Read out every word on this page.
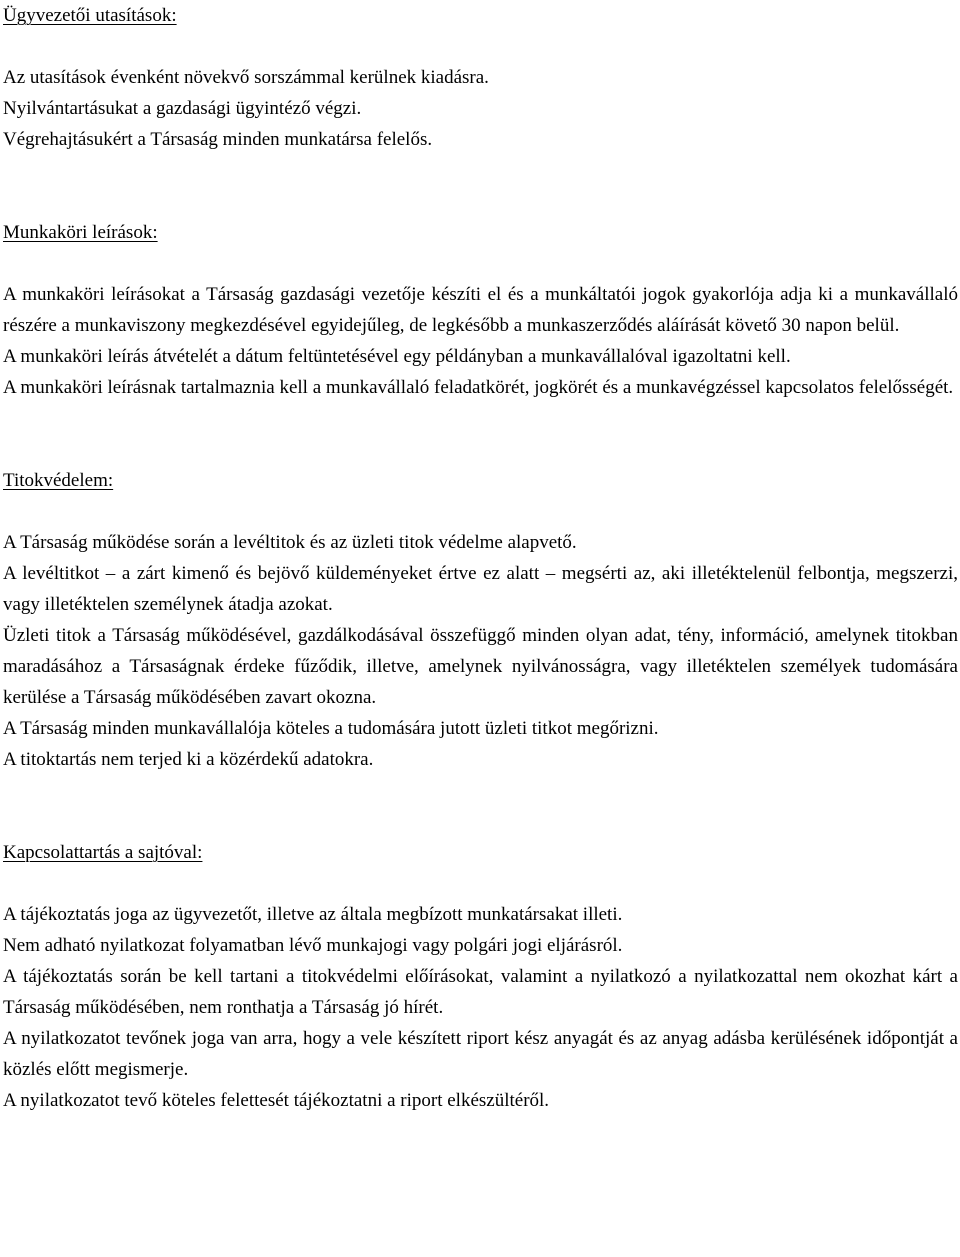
Ügyvezetői utasítások:

Az utasítások évenként növekvő sorszámmal kerülnek kiadásra.

Nyilvántartásukat a gazdasági ügyintéző végzi.

Végrehajtásukért a Társaság minden munkatársa felelős.

Munkaköri leírások:

A munkaköri leírásokat a Társaság gazdasági vezetője készíti el és a munkáltatói jogok gyakorlója adja ki a munkavállaló részére a munkaviszony megkezdésével egyidejűleg, de legkésőbb a munkaszerződés aláírását követő 30 napon belül.

A munkaköri leírás átvételét a dátum feltüntetésével egy példányban a munkavállalóval igazoltatni kell.

A munkaköri leírásnak tartalmaznia kell a munkavállaló feladatkörét, jogkörét és a munkavégzéssel kapcsolatos felelősségét.

Titokvédelem:

A Társaság működése során a levéltitok és az üzleti titok védelme alapvető.

A levéltitkot – a zárt kimenő és bejövő küldeményeket értve ez alatt – megsérti az, aki illetéktelenül felbontja, megszerzi, vagy illetéktelen személynek átadja azokat.

Üzleti titok a Társaság működésével, gazdálkodásával összefüggő minden olyan adat, tény, információ, amelynek titokban maradásához a Társaságnak érdeke fűződik, illetve, amelynek nyilvánosságra, vagy illetéktelen személyek tudomására kerülése a Társaság működésében zavart okozna.

A Társaság minden munkavállalója köteles a tudomására jutott üzleti titkot megőrizni.

A titoktartás nem terjed ki a közérdekű adatokra.

Kapcsolattartás a sajtóval:

A tájékoztatás joga az ügyvezetőt, illetve az általa megbízott munkatársakat illeti.

Nem adható nyilatkozat folyamatban lévő munkajogi vagy polgári jogi eljárásról.

A tájékoztatás során be kell tartani a titokvédelmi előírásokat, valamint a nyilatkozó a nyilatkozattal nem okozhat kárt a Társaság működésében, nem ronthatja a Társaság jó hírét.

A nyilatkozatot tevőnek joga van arra, hogy a vele készített riport kész anyagát és az anyag adásba kerülésének időpontját a közlés előtt megismerje.

A nyilatkozatot tevő köteles felettesét tájékoztatni a riport elkészültéről.
